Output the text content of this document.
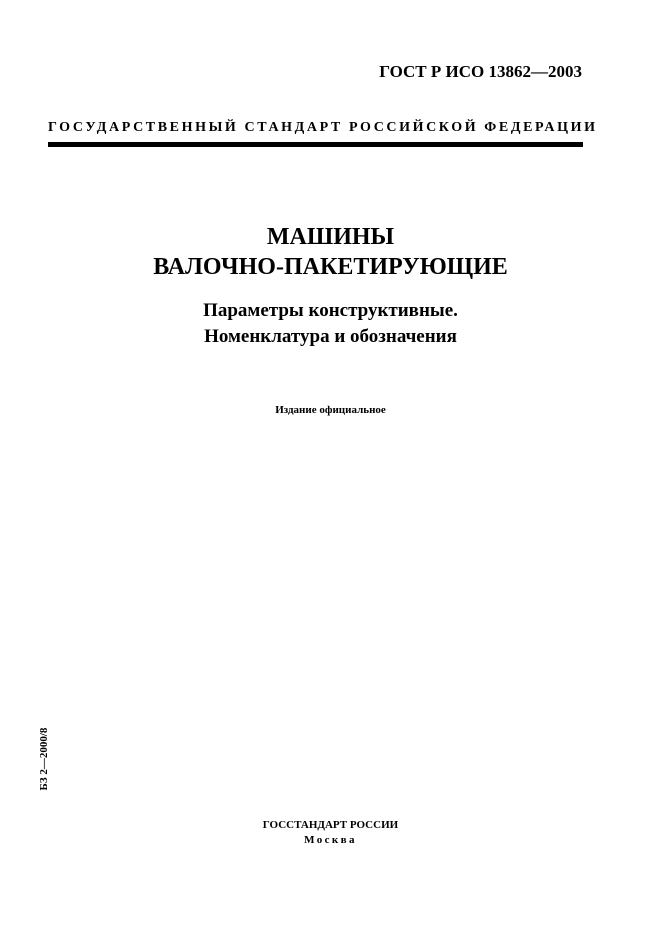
ГОСТ Р ИСО 13862—2003
ГОСУДАРСТВЕННЫЙ СТАНДАРТ РОССИЙСКОЙ ФЕДЕРАЦИИ
МАШИНЫ
ВАЛОЧНО-ПАКЕТИРУЮЩИЕ
Параметры конструктивные.
Номенклатура и обозначения
Издание официальное
БЗ 2—2000/8
ГОССТАНДАРТ РОССИИ
Москва
